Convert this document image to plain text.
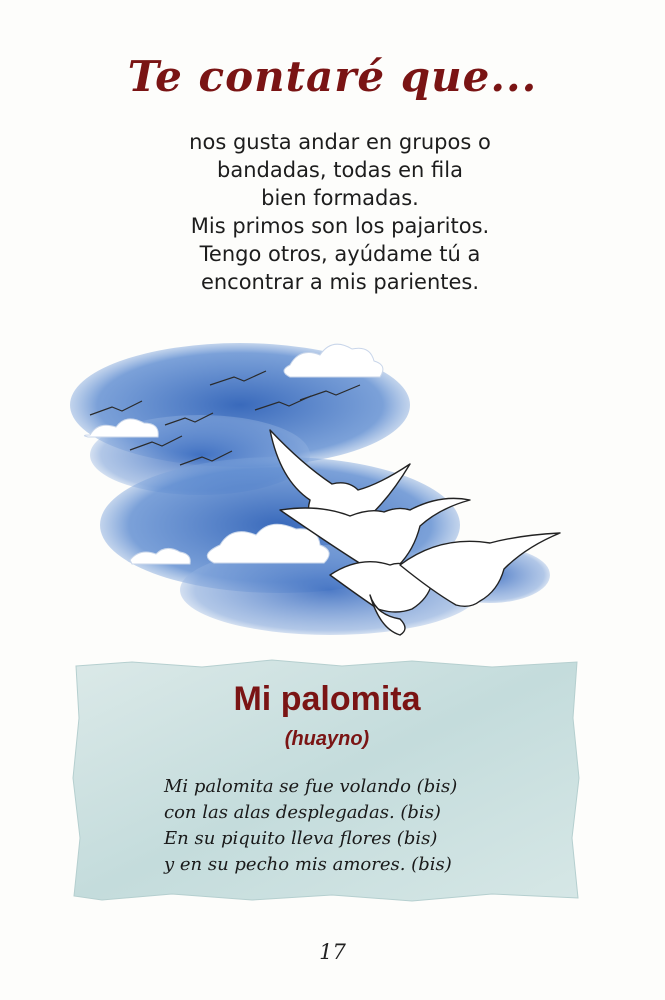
Te contaré que...
nos gusta andar en grupos o
bandadas, todas en fila
bien formadas.
Mis primos son los pajaritos.
Tengo otros, ayúdame tú a
encontrar a mis parientes.
Mi palomita
(huayno)
Mi palomita se fue volando (bis)
con las alas desplegadas. (bis)
En su piquito lleva flores (bis)
y en su pecho mis amores. (bis)
17
